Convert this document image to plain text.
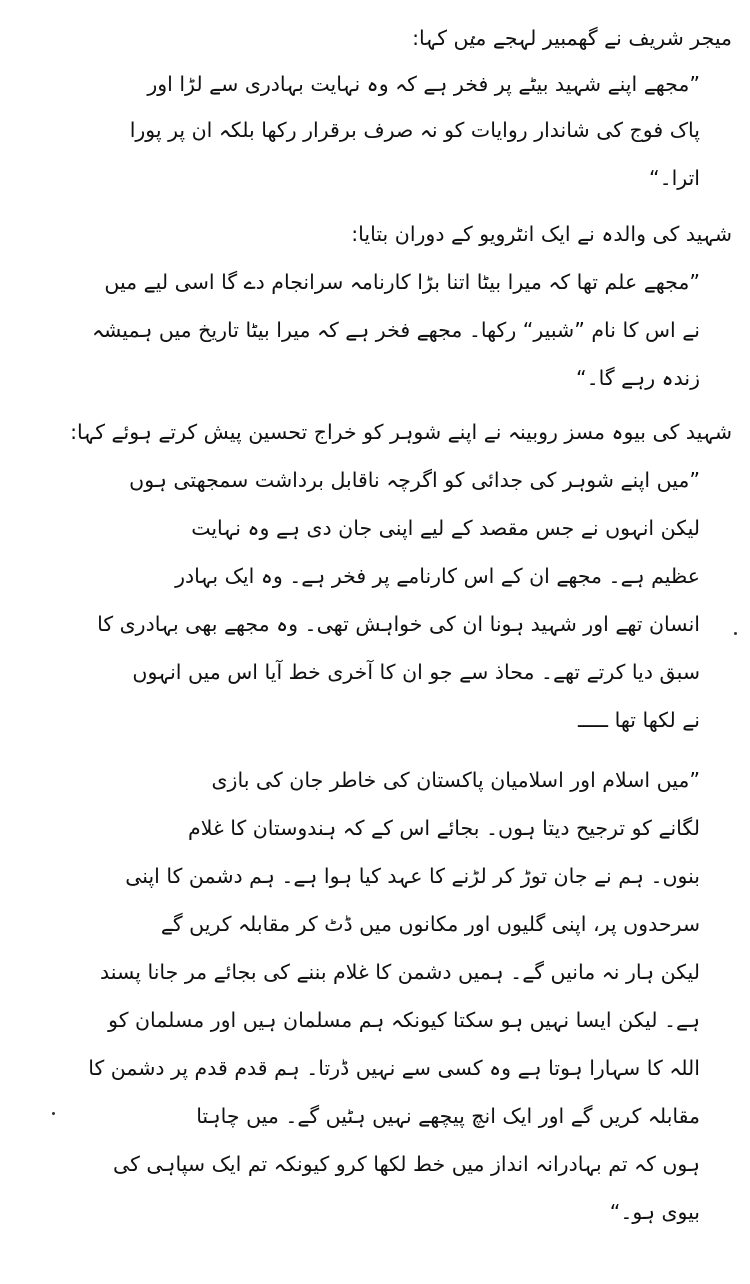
میجر شریف نے گھمبیر لہجے میں کہا:
”مجھے اپنے شہید بیٹے پر فخر ہے کہ وہ نہایت بہادری سے لڑا اور
پاک فوج کی شاندار روایات کو نہ صرف برقرار رکھا بلکہ ان پر پورا
اترا۔“
شہید کی والدہ نے ایک انٹرویو کے دوران بتایا:
”مجھے علم تھا کہ میرا بیٹا اتنا بڑا کارنامہ سرانجام دے گا اسی لیے میں
نے اس کا نام ”شبیر“ رکھا۔ مجھے فخر ہے کہ میرا بیٹا تاریخ میں ہمیشہ
زندہ رہے گا۔“
شہید کی بیوہ مسز روبینہ نے اپنے شوہر کو خراج تحسین پیش کرتے ہوئے کہا:
”میں اپنے شوہر کی جدائی کو اگرچہ ناقابل برداشت سمجھتی ہوں
لیکن انہوں نے جس مقصد کے لیے اپنی جان دی ہے وہ نہایت
عظیم ہے۔ مجھے ان کے اس کارنامے پر فخر ہے۔ وہ ایک بہادر
انسان تھے اور شہید ہونا ان کی خواہش تھی۔ وہ مجھے بھی بہادری کا
سبق دیا کرتے تھے۔ محاذ سے جو ان کا آخری خط آیا اس میں انہوں
نے لکھا تھا ـــــ
”میں اسلام اور اسلامیان پاکستان کی خاطر جان کی بازی
لگانے کو ترجیح دیتا ہوں۔ بجائے اس کے کہ ہندوستان کا غلام
بنوں۔ ہم نے جان توڑ کر لڑنے کا عہد کیا ہوا ہے۔ ہم دشمن کا اپنی
سرحدوں پر، اپنی گلیوں اور مکانوں میں ڈٹ کر مقابلہ کریں گے
لیکن ہار نہ مانیں گے۔ ہمیں دشمن کا غلام بننے کی بجائے مر جانا پسند
ہے۔ لیکن ایسا نہیں ہو سکتا کیونکہ ہم مسلمان ہیں اور مسلمان کو
اللہ کا سہارا ہوتا ہے وہ کسی سے نہیں ڈرتا۔ ہم قدم قدم پر دشمن کا
مقابلہ کریں گے اور ایک انچ پیچھے نہیں ہٹیں گے۔ میں چاہتا
ہوں کہ تم بہادرانہ انداز میں خط لکھا کرو کیونکہ تم ایک سپاہی کی
بیوی ہو۔“
